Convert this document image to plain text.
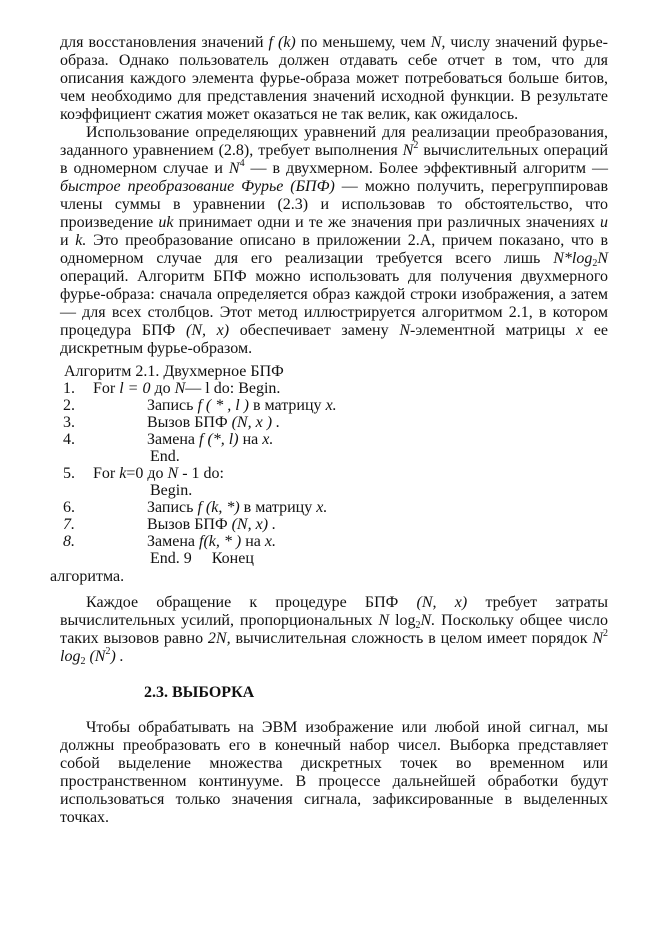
для восстановления значений f (k) по меньшему, чем N, числу значений фурье-образа. Однако пользователь должен отдавать себе отчет в том, что для описания каждого элемента фурье-образа может потребоваться больше битов, чем необходимо для представления значений исходной функции. В результате коэффициент сжатия может оказаться не так велик, как ожидалось.

Использование определяющих уравнений для реализации преобразования, заданного уравнением (2.8), требует выполнения $N^2$ вычислительных операций в одномерном случае и $N^4$ — в двухмерном. Более эффективный алгоритм — быстрое преобразование Фурье (БПФ) — можно получить, перегруппировав члены суммы в уравнении (2.3) и использовав то обстоятельство, что произведение uk принимает одни и те же значения при различных значениях u и k. Это преобразование описано в приложении 2.А, причем показано, что в одномерном случае для его реализации требуется всего лишь $N*\log_2N$ операций. Алгоритм БПФ можно использовать для получения двухмерного фурье-образа: сначала определяется образ каждой строки изображения, а затем — для всех столбцов. Этот метод иллюстрируется алгоритмом 2.1, в котором процедура БПФ (N, x) обеспечивает замену N-элементной матрицы x ее дискретным фурье-образом.

Алгоритм 2.1. Двухмерное БПФ
1. For l = 0 до N— l do: Begin.
2.	Запись f ( * , l ) в матрицу x.
3.	Вызов БПФ (N, x ) .
4.	Замена f (*, l) на x.
End.
5. For k=0 до N - 1 do:
Begin.
6.	Запись f (k, *) в матрицу x.
7.	Вызов БПФ (N, x) .
8.	Замена f(k, * ) на x.
End. 9     Конец
алгоритма.

Каждое обращение к процедуре БПФ (N, x) требует затраты вычислительных усилий, пропорциональных N $\log_2N$. Поскольку общее число таких вызовов равно 2N, вычислительная сложность в целом имеет порядок $N^2$ $\log_2 (N^2)$ .

2.3. ВЫБОРКА

Чтобы обрабатывать на ЭВМ изображение или любой иной сигнал, мы должны преобразовать его в конечный набор чисел. Выборка представляет собой выделение множества дискретных точек во временном или пространственном континууме. В процессе дальнейшей обработки будут использоваться только значения сигнала, зафиксированные в выделенных точках.
